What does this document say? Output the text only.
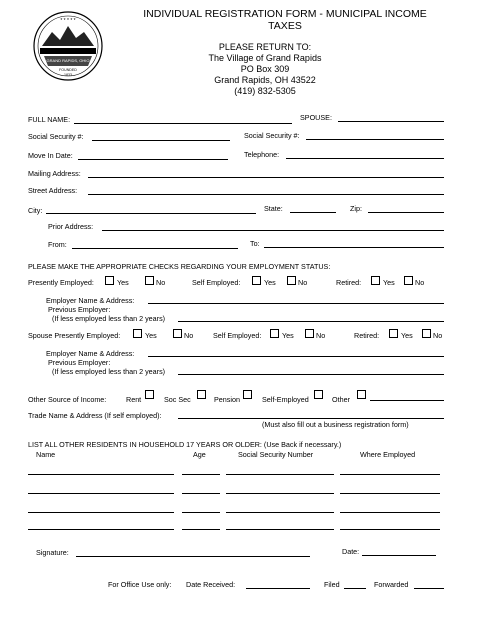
* * * * *
GRAND RAPIDS, OHIO
FOUNDED
1833
INDIVIDUAL REGISTRATION FORM - MUNICIPAL INCOME
TAXES
PLEASE RETURN TO:
The Village of Grand Rapids
PO Box 309
Grand Rapids, OH 43522
(419) 832-5305
FULL NAME:	SPOUSE:
Social Security #:	Social Security #:
Move In Date:	Telephone:
Mailing Address:
Street Address:
City:	State:	Zip:
Prior Address:
From:	To:
PLEASE MAKE THE APPROPRIATE CHECKS REGARDING YOUR EMPLOYMENT STATUS:
Presently Employed:	Yes	No	Self Employed:	Yes	No	Retired:	Yes	No
Employer Name & Address:
Previous Employer:
(If less employed less than 2 years)
Spouse Presently Employed:	Yes	No	Self Employed:	Yes	No	Retired:	Yes	No
Employer Name & Address:
Previous Employer:
(If less employed less than 2 years)
Other Source of Income:	Rent	Soc Sec	Pension	Self-Employed	Other
Trade Name & Address (If self employed):
(Must also fill out a business registration form)
LIST ALL OTHER RESIDENTS IN HOUSEHOLD 17 YEARS OR OLDER: (Use Back if necessary.)
Name	Age	Social Security Number	Where Employed
Signature:	Date:
For Office Use only: Date Received:	Filed	Forwarded
